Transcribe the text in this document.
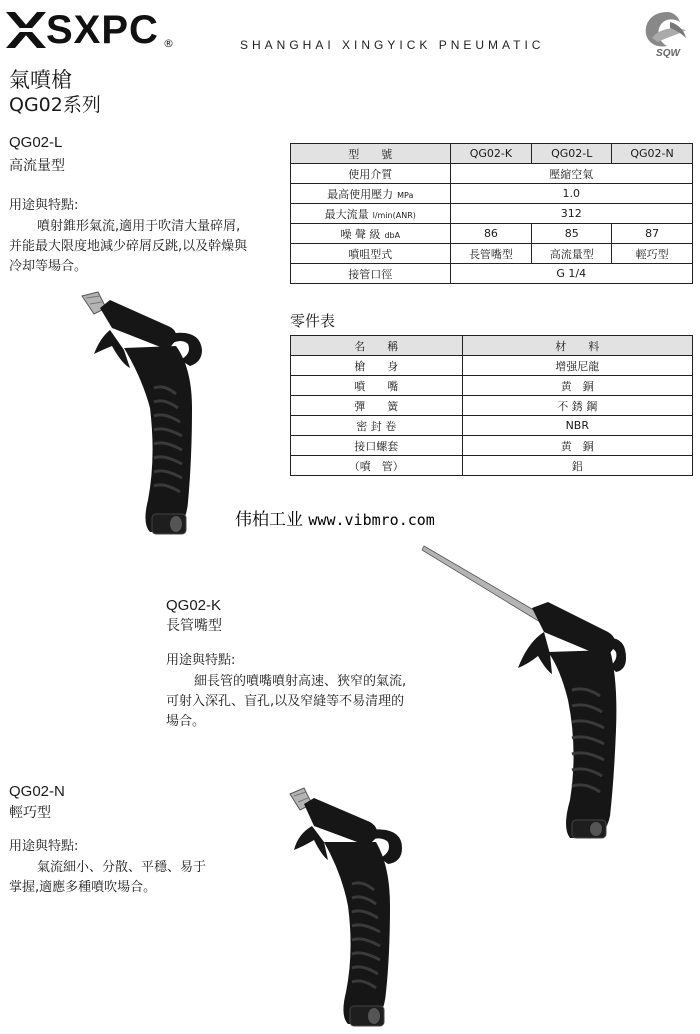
SXPC ®	SHANGHAI XINGYICK PNEUMATIC
SQW
氣噴槍
QG02系列
QG02-L
高流量型
用途與特點:
噴射錐形氣流,適用于吹清大量碎屑,
并能最大限度地減少碎屑反跳,以及幹燥與
冷却等場合。
型　　號	QG02-K	QG02-L	QG02-N
使用介質	壓縮空氣		
最高使用壓力 MPa	1.0		
最大流量 l/min(ANR)	312		
噪 聲 級 dbA	86	85	87
噴咀型式	長管嘴型	高流量型	輕巧型
接管口徑	G 1/4		
零件表
名　　稱	材　　料
槍　　身	增强尼龍
噴　　嘴	黄　銅
彈　　簧	不 銹 鋼
密 封 卷	NBR
接口螺套	黄　銅
（噴　管）	鋁
伟柏工业 www.vibmro.com
QG02-K
長管嘴型
用途與特點:
細長管的噴嘴噴射高速、狹窄的氣流,
可射入深孔、盲孔,以及窄縫等不易清理的
場合。
QG02-N
輕巧型
用途與特點:
氣流細小、分散、平穩、易于
掌握,適應多種噴吹場合。
